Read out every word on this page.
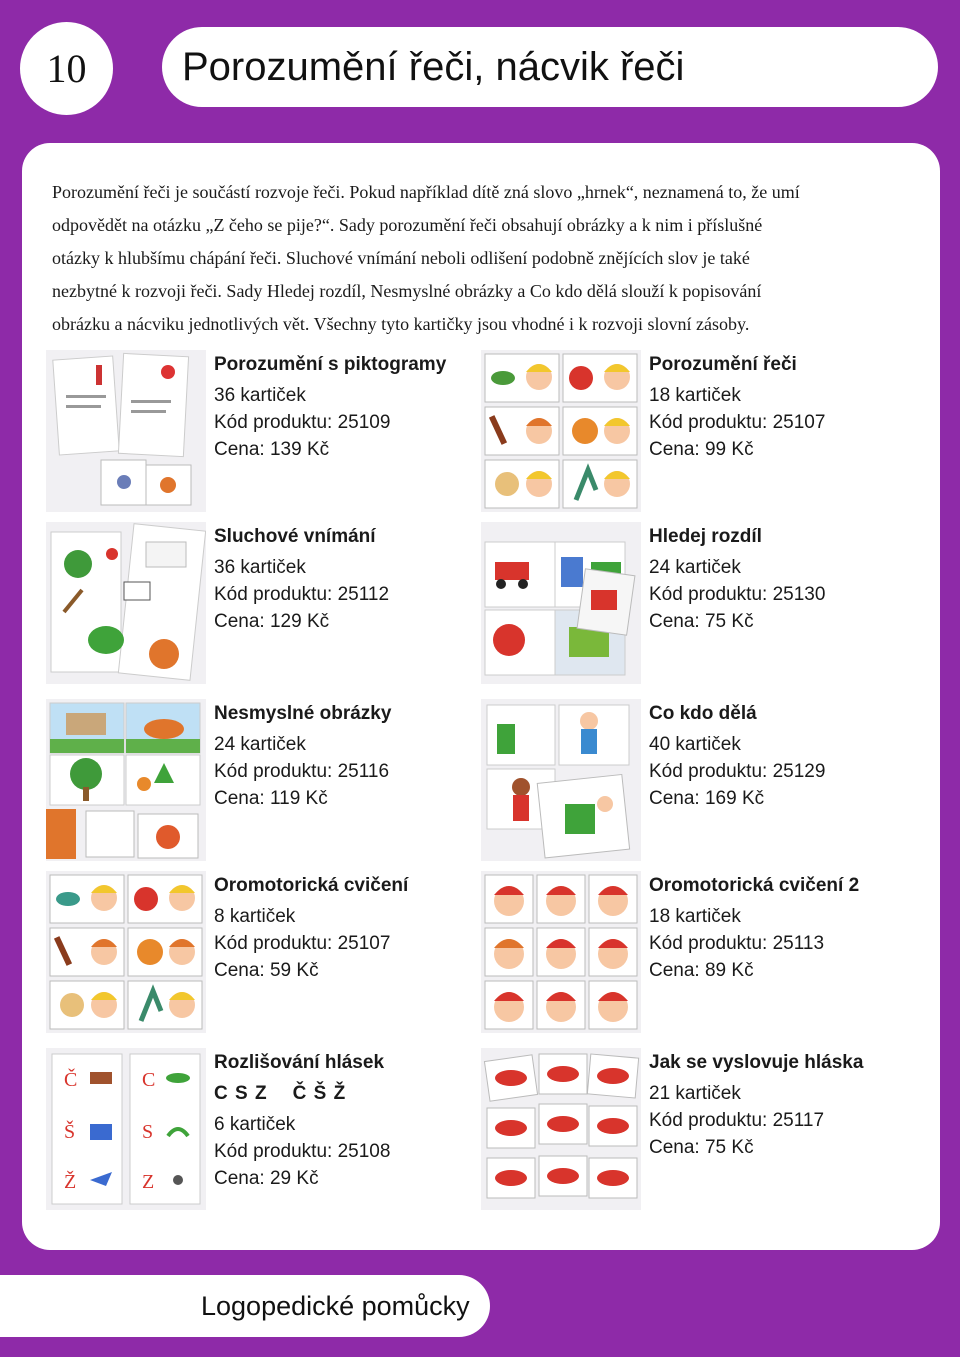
10	Porozumění řeči, nácvik řeči
Porozumění řeči je součástí rozvoje řeči. Pokud například dítě zná slovo „hrnek“, neznamená to, že umí
odpovědět na otázku „Z čeho se pije?“. Sady porozumění řeči obsahují obrázky a k nim i příslušné
otázky k hlubšímu chápání řeči. Sluchové vnímání neboli odlišení podobně znějících slov je také
nezbytné k rozvoji řeči. Sady Hledej rozdíl, Nesmyslné obrázky a Co kdo dělá slouží k popisování
obrázku a nácviku jednotlivých vět. Všechny tyto kartičky jsou vhodné i k rozvoji slovní zásoby.
Porozumění s piktogramy
36 kartiček
Kód produktu: 25109
Cena: 139 Kč
Porozumění řeči
18 kartiček
Kód produktu: 25107
Cena: 99 Kč
Sluchové vnímání
36 kartiček
Kód produktu: 25112
Cena: 129 Kč
Hledej rozdíl
24 kartiček
Kód produktu: 25130
Cena: 75 Kč
Nesmyslné obrázky
24 kartiček
Kód produktu: 25116
Cena: 119 Kč
Co kdo dělá
40 kartiček
Kód produktu: 25129
Cena: 169 Kč
Oromotorická cvičení
8 kartiček
Kód produktu: 25107
Cena: 59 Kč
Oromotorická cvičení 2
18 kartiček
Kód produktu: 25113
Cena: 89 Kč
Č
Š
Ž
C
S
Z
Rozlišování hlásek
C S Z    Č Š Ž
6 kartiček
Kód produktu: 25108
Cena: 29 Kč
Jak se vyslovuje hláska
21 kartiček
Kód produktu: 25117
Cena: 75 Kč
Logopedické pomůcky
